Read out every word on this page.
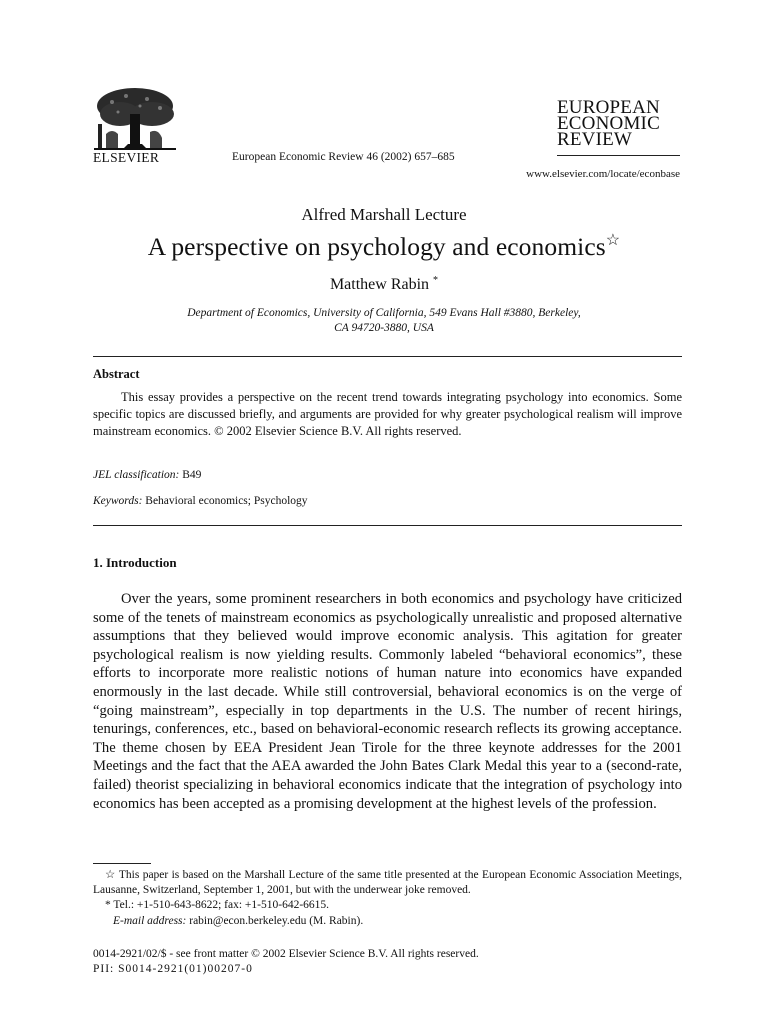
ELSEVIER	European Economic Review 46 (2002) 657–685
EUROPEAN
ECONOMIC
REVIEW
www.elsevier.com/locate/econbase
Alfred Marshall Lecture
A perspective on psychology and economics☆
Matthew Rabin *
Department of Economics, University of California, 549 Evans Hall #3880, Berkeley,
CA 94720-3880, USA
Abstract
This essay provides a perspective on the recent trend towards integrating psychology into economics. Some specific topics are discussed briefly, and arguments are provided for why greater psychological realism will improve mainstream economics. © 2002 Elsevier Science B.V. All rights reserved.
JEL classification: B49
Keywords: Behavioral economics; Psychology
1. Introduction
Over the years, some prominent researchers in both economics and psychology have criticized some of the tenets of mainstream economics as psychologically unrealistic and proposed alternative assumptions that they believed would improve economic analysis. This agitation for greater psychological realism is now yielding results. Commonly labeled “behavioral economics”, these efforts to incorporate more realistic notions of human nature into economics have expanded enormously in the last decade. While still controversial, behavioral economics is on the verge of “going mainstream”, especially in top departments in the U.S. The number of recent hirings, tenurings, conferences, etc., based on behavioral-economic research reflects its growing acceptance. The theme chosen by EEA President Jean Tirole for the three keynote addresses for the 2001 Meetings and the fact that the AEA awarded the John Bates Clark Medal this year to a (second-rate, failed) theorist specializing in behavioral economics indicate that the integration of psychology into economics has been accepted as a promising development at the highest levels of the profession.
☆ This paper is based on the Marshall Lecture of the same title presented at the European Economic Association Meetings, Lausanne, Switzerland, September 1, 2001, but with the underwear joke removed.
* Tel.: +1-510-643-8622; fax: +1-510-642-6615.
E-mail address: rabin@econ.berkeley.edu (M. Rabin).
0014-2921/02/$ - see front matter © 2002 Elsevier Science B.V. All rights reserved.
PII: S0014-2921(01)00207-0
